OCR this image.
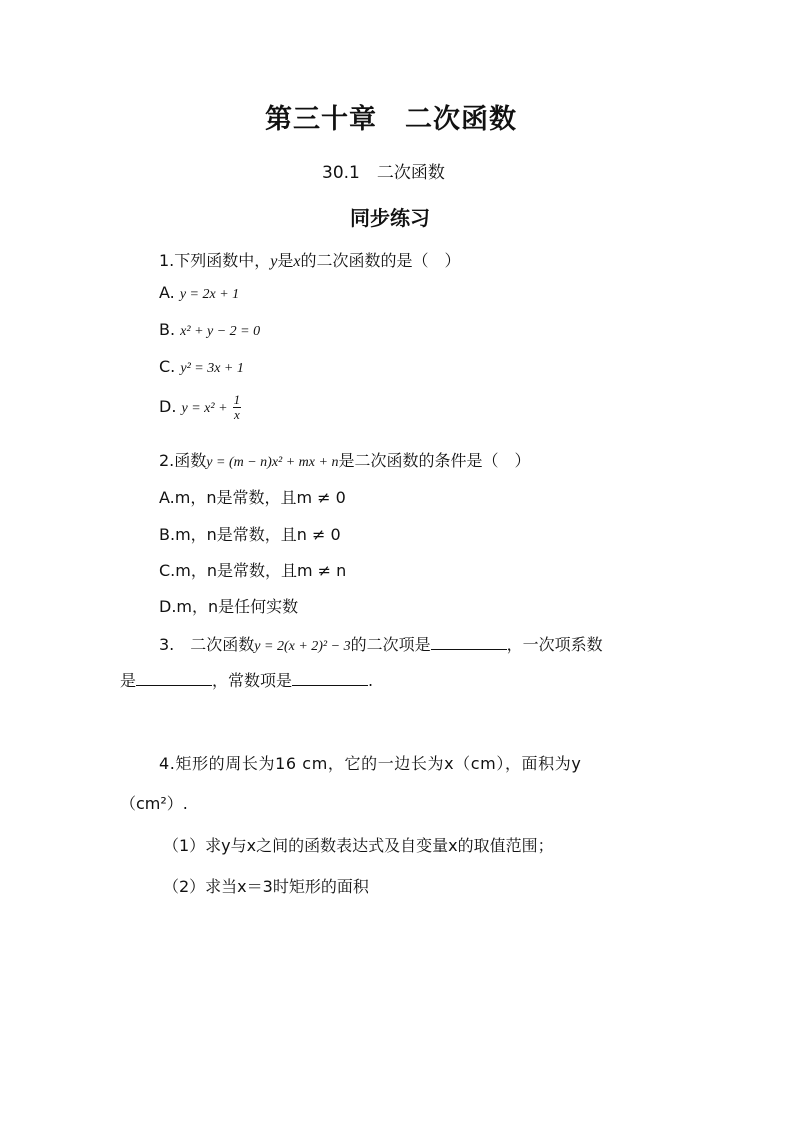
第三十章　二次函数
30.1　二次函数
同步练习
1.下列函数中，y是x的二次函数的是（　）
A. y = 2x + 1
B. x² + y − 2 = 0
C. y² = 3x + 1
D. $y = x^2 + \frac{1}{x}$
2.函数y = (m − n)x² + mx + n是二次函数的条件是（　）
A.m，n是常数，且m ≠ 0
B.m，n是常数，且n ≠ 0
C.m，n是常数，且m ≠ n
D.m，n是任何实数
3.　二次函数y = 2(x + 2)² − 3的二次项是	，一次项系数
是	，常数项是	.
4.矩形的周长为16 cm，它的一边长为x（cm），面积为y
（cm²）.
（1）求y与x之间的函数表达式及自变量x的取值范围；
（2）求当x＝3时矩形的面积
